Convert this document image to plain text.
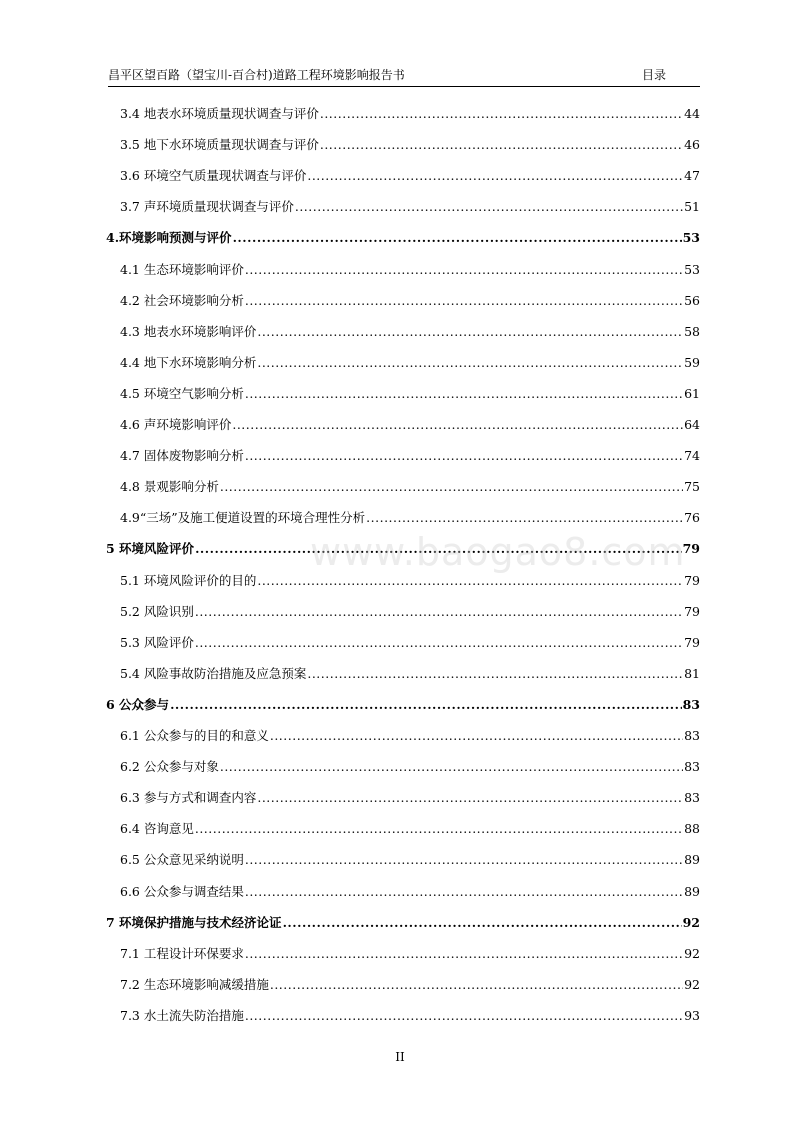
昌平区望百路（望宝川-百合村)道路工程环境影响报告书	目录
3.4 地表水环境质量现状调查与评价 .....	44
3.5 地下水环境质量现状调查与评价 .....	46
3.6 环境空气质量现状调查与评价 .....	47
3.7 声环境质量现状调查与评价 .....	51
4.环境影响预测与评价 .....	53
4.1 生态环境影响评价 .....	53
4.2 社会环境影响分析 .....	56
4.3 地表水环境影响评价 .....	58
4.4 地下水环境影响分析 .....	59
4.5 环境空气影响分析 .....	61
4.6 声环境影响评价 .....	64
4.7 固体废物影响分析 .....	74
4.8 景观影响分析 .....	75
4.9“三场”及施工便道设置的环境合理性分析 .....	76
5 环境风险评价 .....	79
5.1 环境风险评价的目的 .....	79
5.2 风险识别 .....	79
5.3 风险评价 .....	79
5.4 风险事故防治措施及应急预案 .....	81
6 公众参与 .....	83
6.1 公众参与的目的和意义 .....	83
6.2 公众参与对象 .....	83
6.3 参与方式和调查内容 .....	83
6.4 咨询意见 .....	88
6.5 公众意见采纳说明 .....	89
6.6 公众参与调查结果 .....	89
7 环境保护措施与技术经济论证 .....	92
7.1 工程设计环保要求 .....	92
7.2 生态环境影响减缓措施 .....	92
7.3 水土流失防治措施 .....	93
www.baogao8.com
II
